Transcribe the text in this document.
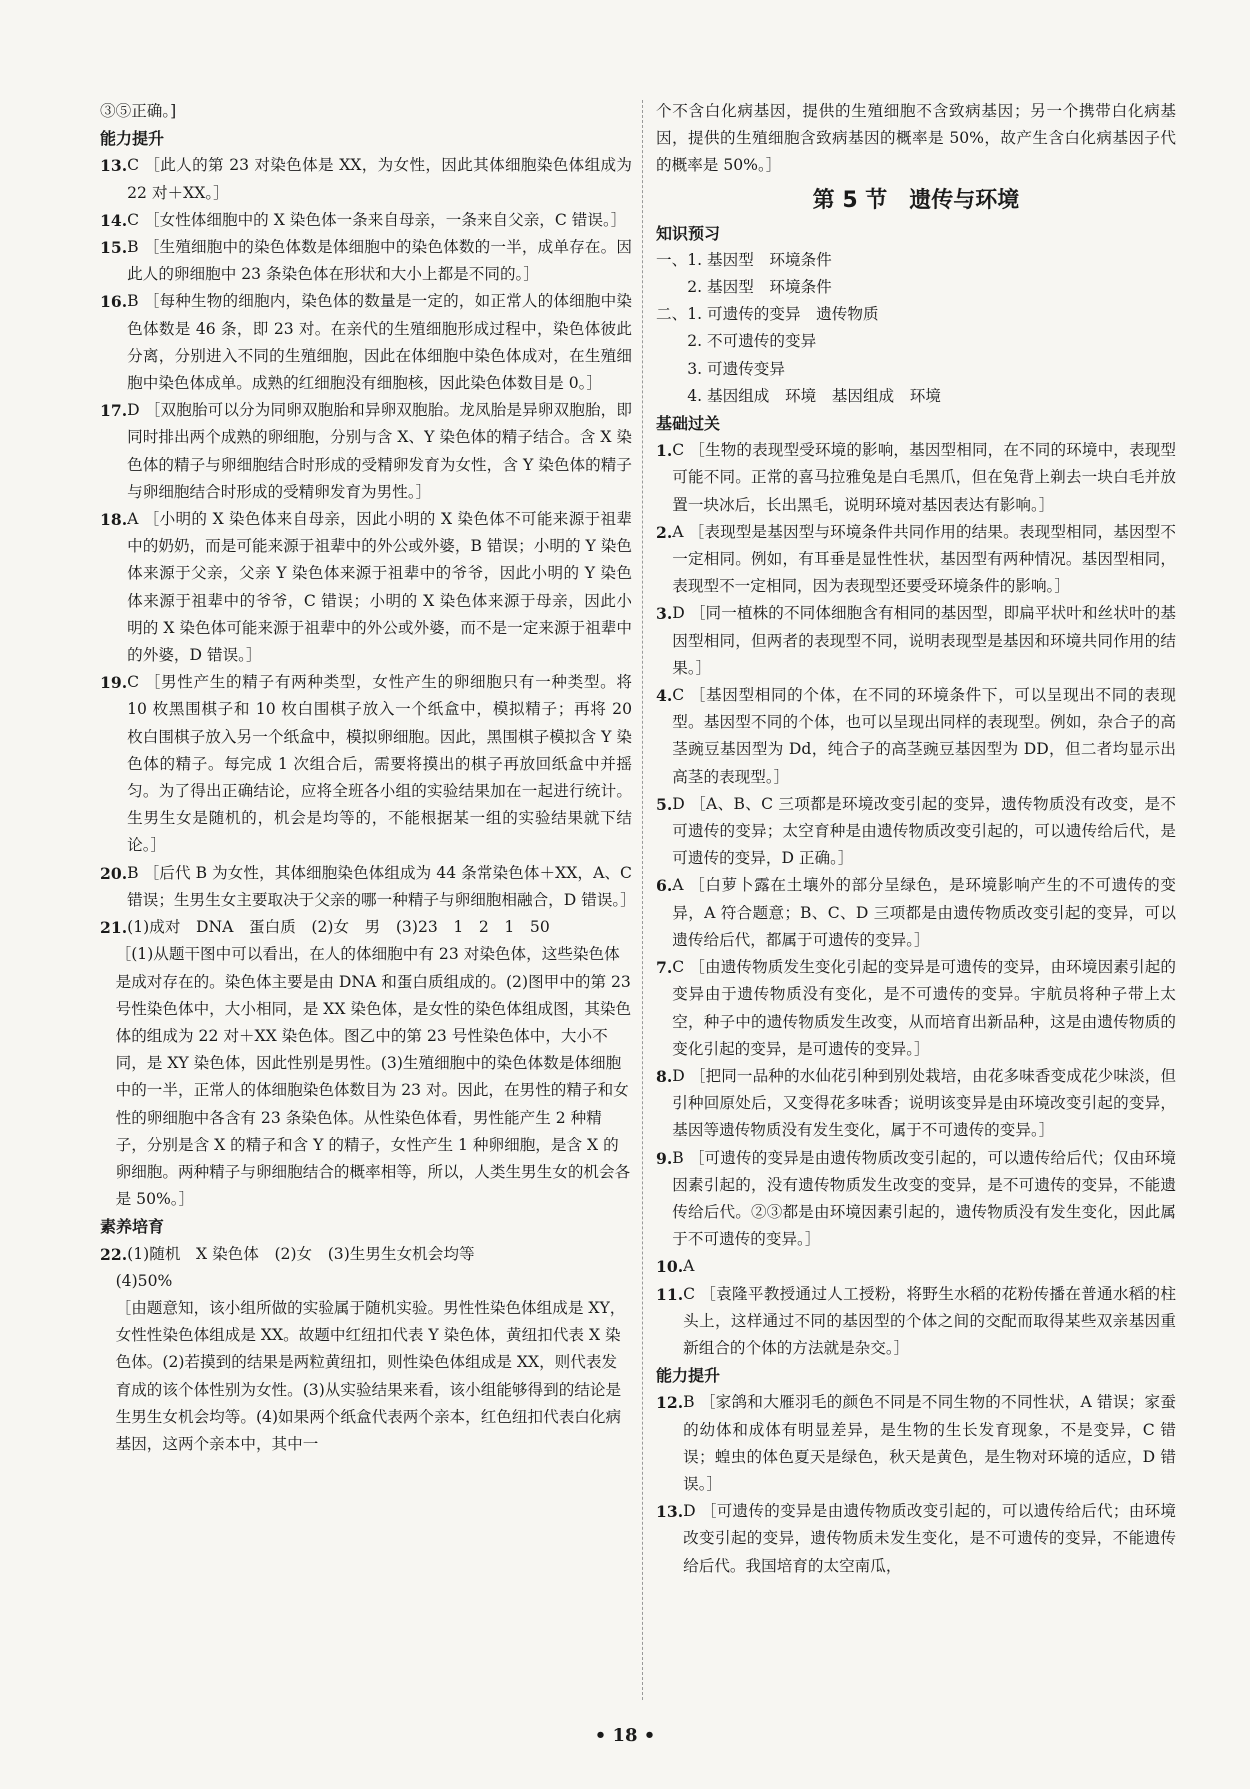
③⑤正确。]
能力提升
13. C ［此人的第 23 对染色体是 XX，为女性，因此其体细胞染色体组成为 22 对＋XX。］
14. C ［女性体细胞中的 X 染色体一条来自母亲，一条来自父亲，C 错误。］
15. B ［生殖细胞中的染色体数是体细胞中的染色体数的一半，成单存在。因此人的卵细胞中 23 条染色体在形状和大小上都是不同的。］
16. B ［每种生物的细胞内，染色体的数量是一定的，如正常人的体细胞中染色体数是 46 条，即 23 对。在亲代的生殖细胞形成过程中，染色体彼此分离，分别进入不同的生殖细胞，因此在体细胞中染色体成对，在生殖细胞中染色体成单。成熟的红细胞没有细胞核，因此染色体数目是 0。］
17. D ［双胞胎可以分为同卵双胞胎和异卵双胞胎。龙凤胎是异卵双胞胎，即同时排出两个成熟的卵细胞，分别与含 X、Y 染色体的精子结合。含 X 染色体的精子与卵细胞结合时形成的受精卵发育为女性，含 Y 染色体的精子与卵细胞结合时形成的受精卵发育为男性。］
18. A ［小明的 X 染色体来自母亲，因此小明的 X 染色体不可能来源于祖辈中的奶奶，而是可能来源于祖辈中的外公或外婆，B 错误；小明的 Y 染色体来源于父亲，父亲 Y 染色体来源于祖辈中的爷爷，因此小明的 Y 染色体来源于祖辈中的爷爷，C 错误；小明的 X 染色体来源于母亲，因此小明的 X 染色体可能来源于祖辈中的外公或外婆，而不是一定来源于祖辈中的外婆，D 错误。］
19. C ［男性产生的精子有两种类型，女性产生的卵细胞只有一种类型。将 10 枚黑围棋子和 10 枚白围棋子放入一个纸盒中，模拟精子；再将 20 枚白围棋子放入另一个纸盒中，模拟卵细胞。因此，黑围棋子模拟含 Y 染色体的精子。每完成 1 次组合后，需要将摸出的棋子再放回纸盒中并摇匀。为了得出正确结论，应将全班各小组的实验结果加在一起进行统计。生男生女是随机的，机会是均等的，不能根据某一组的实验结果就下结论。］
20. B ［后代 B 为女性，其体细胞染色体组成为 44 条常染色体＋XX，A、C 错误；生男生女主要取决于父亲的哪一种精子与卵细胞相融合，D 错误。］
21. (1)成对　DNA　蛋白质　(2)女　男　(3)23　1　2　1　50
［(1)从题干图中可以看出，在人的体细胞中有 23 对染色体，这些染色体是成对存在的。染色体主要是由 DNA 和蛋白质组成的。(2)图甲中的第 23 号性染色体中，大小相同，是 XX 染色体，是女性的染色体组成图，其染色体的组成为 22 对＋XX 染色体。图乙中的第 23 号性染色体中，大小不同，是 XY 染色体，因此性别是男性。(3)生殖细胞中的染色体数是体细胞中的一半，正常人的体细胞染色体数目为 23 对。因此，在男性的精子和女性的卵细胞中各含有 23 条染色体。从性染色体看，男性能产生 2 种精子，分别是含 X 的精子和含 Y 的精子，女性产生 1 种卵细胞，是含 X 的卵细胞。两种精子与卵细胞结合的概率相等，所以，人类生男生女的机会各是 50%。］
素养培育
22. (1)随机　X 染色体　(2)女　(3)生男生女机会均等
(4)50%
［由题意知，该小组所做的实验属于随机实验。男性性染色体组成是 XY，女性性染色体组成是 XX。故题中红纽扣代表 Y 染色体，黄纽扣代表 X 染色体。(2)若摸到的结果是两粒黄纽扣，则性染色体组成是 XX，则代表发育成的该个体性别为女性。(3)从实验结果来看，该小组能够得到的结论是生男生女机会均等。(4)如果两个纸盒代表两个亲本，红色纽扣代表白化病基因，这两个亲本中，其中一
个不含白化病基因，提供的生殖细胞不含致病基因；另一个携带白化病基因，提供的生殖细胞含致病基因的概率是 50%，故产生含白化病基因子代的概率是 50%。］
第 5 节　遗传与环境
知识预习
一、1. 基因型　环境条件
2. 基因型　环境条件
二、1. 可遗传的变异　遗传物质
2. 不可遗传的变异
3. 可遗传变异
4. 基因组成　环境　基因组成　环境
基础过关
1. C ［生物的表现型受环境的影响，基因型相同，在不同的环境中，表现型可能不同。正常的喜马拉雅兔是白毛黑爪，但在兔背上剃去一块白毛并放置一块冰后，长出黑毛，说明环境对基因表达有影响。］
2. A ［表现型是基因型与环境条件共同作用的结果。表现型相同，基因型不一定相同。例如，有耳垂是显性性状，基因型有两种情况。基因型相同，表现型不一定相同，因为表现型还要受环境条件的影响。］
3. D ［同一植株的不同体细胞含有相同的基因型，即扁平状叶和丝状叶的基因型相同，但两者的表现型不同，说明表现型是基因和环境共同作用的结果。］
4. C ［基因型相同的个体，在不同的环境条件下，可以呈现出不同的表现型。基因型不同的个体，也可以呈现出同样的表现型。例如，杂合子的高茎豌豆基因型为 Dd，纯合子的高茎豌豆基因型为 DD，但二者均显示出高茎的表现型。］
5. D ［A、B、C 三项都是环境改变引起的变异，遗传物质没有改变，是不可遗传的变异；太空育种是由遗传物质改变引起的，可以遗传给后代，是可遗传的变异，D 正确。］
6. A ［白萝卜露在土壤外的部分呈绿色，是环境影响产生的不可遗传的变异，A 符合题意；B、C、D 三项都是由遗传物质改变引起的变异，可以遗传给后代，都属于可遗传的变异。］
7. C ［由遗传物质发生变化引起的变异是可遗传的变异，由环境因素引起的变异由于遗传物质没有变化，是不可遗传的变异。宇航员将种子带上太空，种子中的遗传物质发生改变，从而培育出新品种，这是由遗传物质的变化引起的变异，是可遗传的变异。］
8. D ［把同一品种的水仙花引种到别处栽培，由花多味香变成花少味淡，但引种回原处后，又变得花多味香；说明该变异是由环境改变引起的变异，基因等遗传物质没有发生变化，属于不可遗传的变异。］
9. B ［可遗传的变异是由遗传物质改变引起的，可以遗传给后代；仅由环境因素引起的，没有遗传物质发生改变的变异，是不可遗传的变异，不能遗传给后代。②③都是由环境因素引起的，遗传物质没有发生变化，因此属于不可遗传的变异。］
10. A
11. C ［袁隆平教授通过人工授粉，将野生水稻的花粉传播在普通水稻的柱头上，这样通过不同的基因型的个体之间的交配而取得某些双亲基因重新组合的个体的方法就是杂交。］
能力提升
12. B ［家鸽和大雁羽毛的颜色不同是不同生物的不同性状，A 错误；家蚕的幼体和成体有明显差异，是生物的生长发育现象，不是变异，C 错误；蝗虫的体色夏天是绿色，秋天是黄色，是生物对环境的适应，D 错误。］
13. D ［可遗传的变异是由遗传物质改变引起的，可以遗传给后代；由环境改变引起的变异，遗传物质未发生变化，是不可遗传的变异，不能遗传给后代。我国培育的太空南瓜，
• 18 •
